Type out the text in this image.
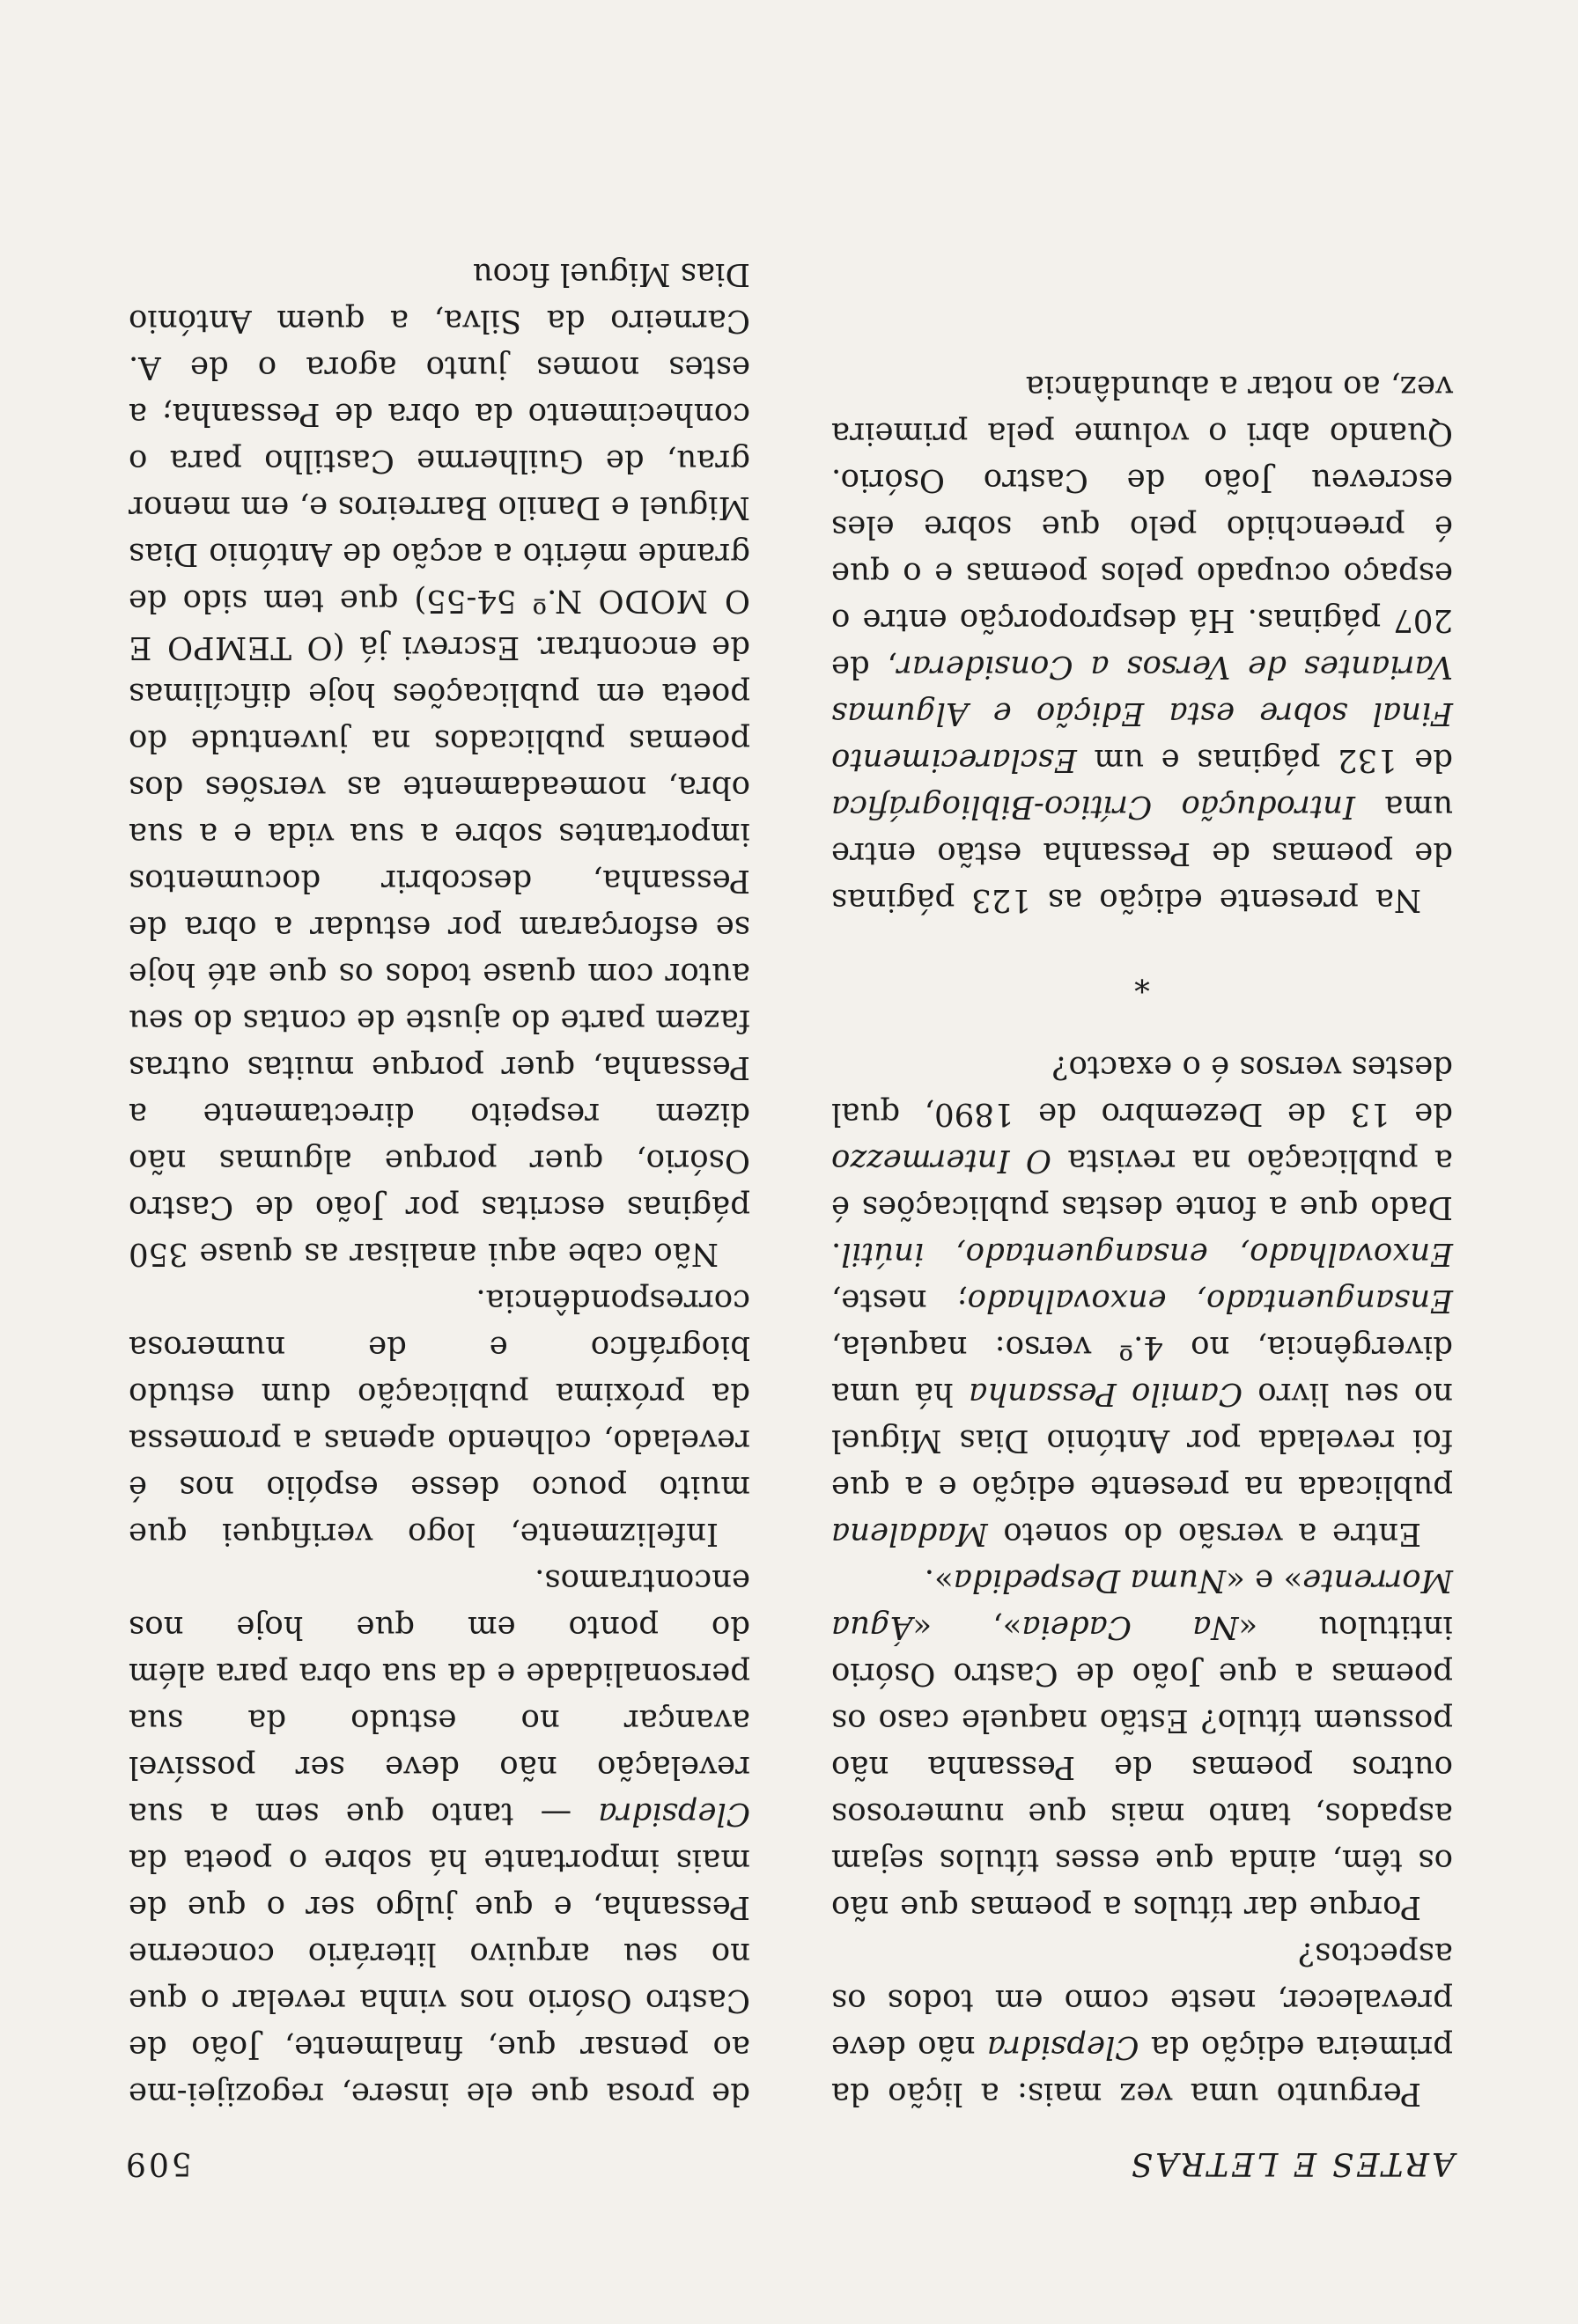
ARTES E LETRAS
509

Pergunto uma vez mais: a lição da primeira edição da Clepsidra não deve prevalecer, neste como em todos os aspectos?

Porque dar títulos a poemas que não os têm, ainda que esses títulos sejam aspados, tanto mais que numerosos outros poemas de Pessanha não possuem título? Estão naquele caso os poemas a que João de Castro Osório intitulou «Na Cadeia», «Água Morrente» e «Numa Despedida».

Entre a versão do soneto Madalena publicada na presente edição e a que foi revelada por António Dias Miguel no seu livro Camilo Pessanha há uma divergência, no 4.º verso: naquela, Ensanguentado, enxovalhado; neste, Enxovalhado, ensanguentado, inútil. Dado que a fonte destas publicações é a publicação na revista O Intermezzo de 13 de Dezembro de 1890, qual destes versos é o exacto?

*

Na presente edição as 123 páginas de poemas de Pessanha estão entre uma Introdução Crítico-Bibliográfica de 132 páginas e um Esclarecimento Final sobre esta Edição e Algumas Variantes de Versos a Considerar, de 207 páginas. Há desproporção entre o espaço ocupado pelos poemas e o que é preenchido pelo que sobre eles escreveu João de Castro Osório. Quando abri o volume pela primeira vez, ao notar a abundância

de prosa que ele insere, regozijei-me ao pensar que, finalmente, João de Castro Osório nos vinha revelar o que no seu arquivo literário concerne Pessanha, e que julgo ser o que de mais importante há sobre o poeta da Clepsidra — tanto que sem a sua revelação não deve ser possível avançar no estudo da sua personalidade e da sua obra para além do ponto em que hoje nos encontramos.

Infelizmente, logo verifiquei que muito pouco desse espólio nos é revelado, colhendo apenas a promessa da próxima publicação dum estudo biográfico e de numerosa correspondência.

Não cabe aqui analisar as quase 350 páginas escritas por João de Castro Osório, quer porque algumas não dizem respeito directamente a Pessanha, quer porque muitas outras fazem parte do ajuste de contas do seu autor com quase todos os que até hoje se esforçaram por estudar a obra de Pessanha, descobrir documentos importantes sobre a sua vida e a sua obra, nomeadamente as versões dos poemas publicados na juventude do poeta em publicações hoje dificílimas de encontrar. Escrevi já (O TEMPO E O MODO N.º 54-55) que tem sido de grande mérito a acção de António Dias Miguel e Danilo Barreiros e, em menor grau, de Guilherme Castilho para o conhecimento da obra de Pessanha; a estes nomes junto agora o de A. Carneiro da Silva, a quem António Dias Miguel ficou
